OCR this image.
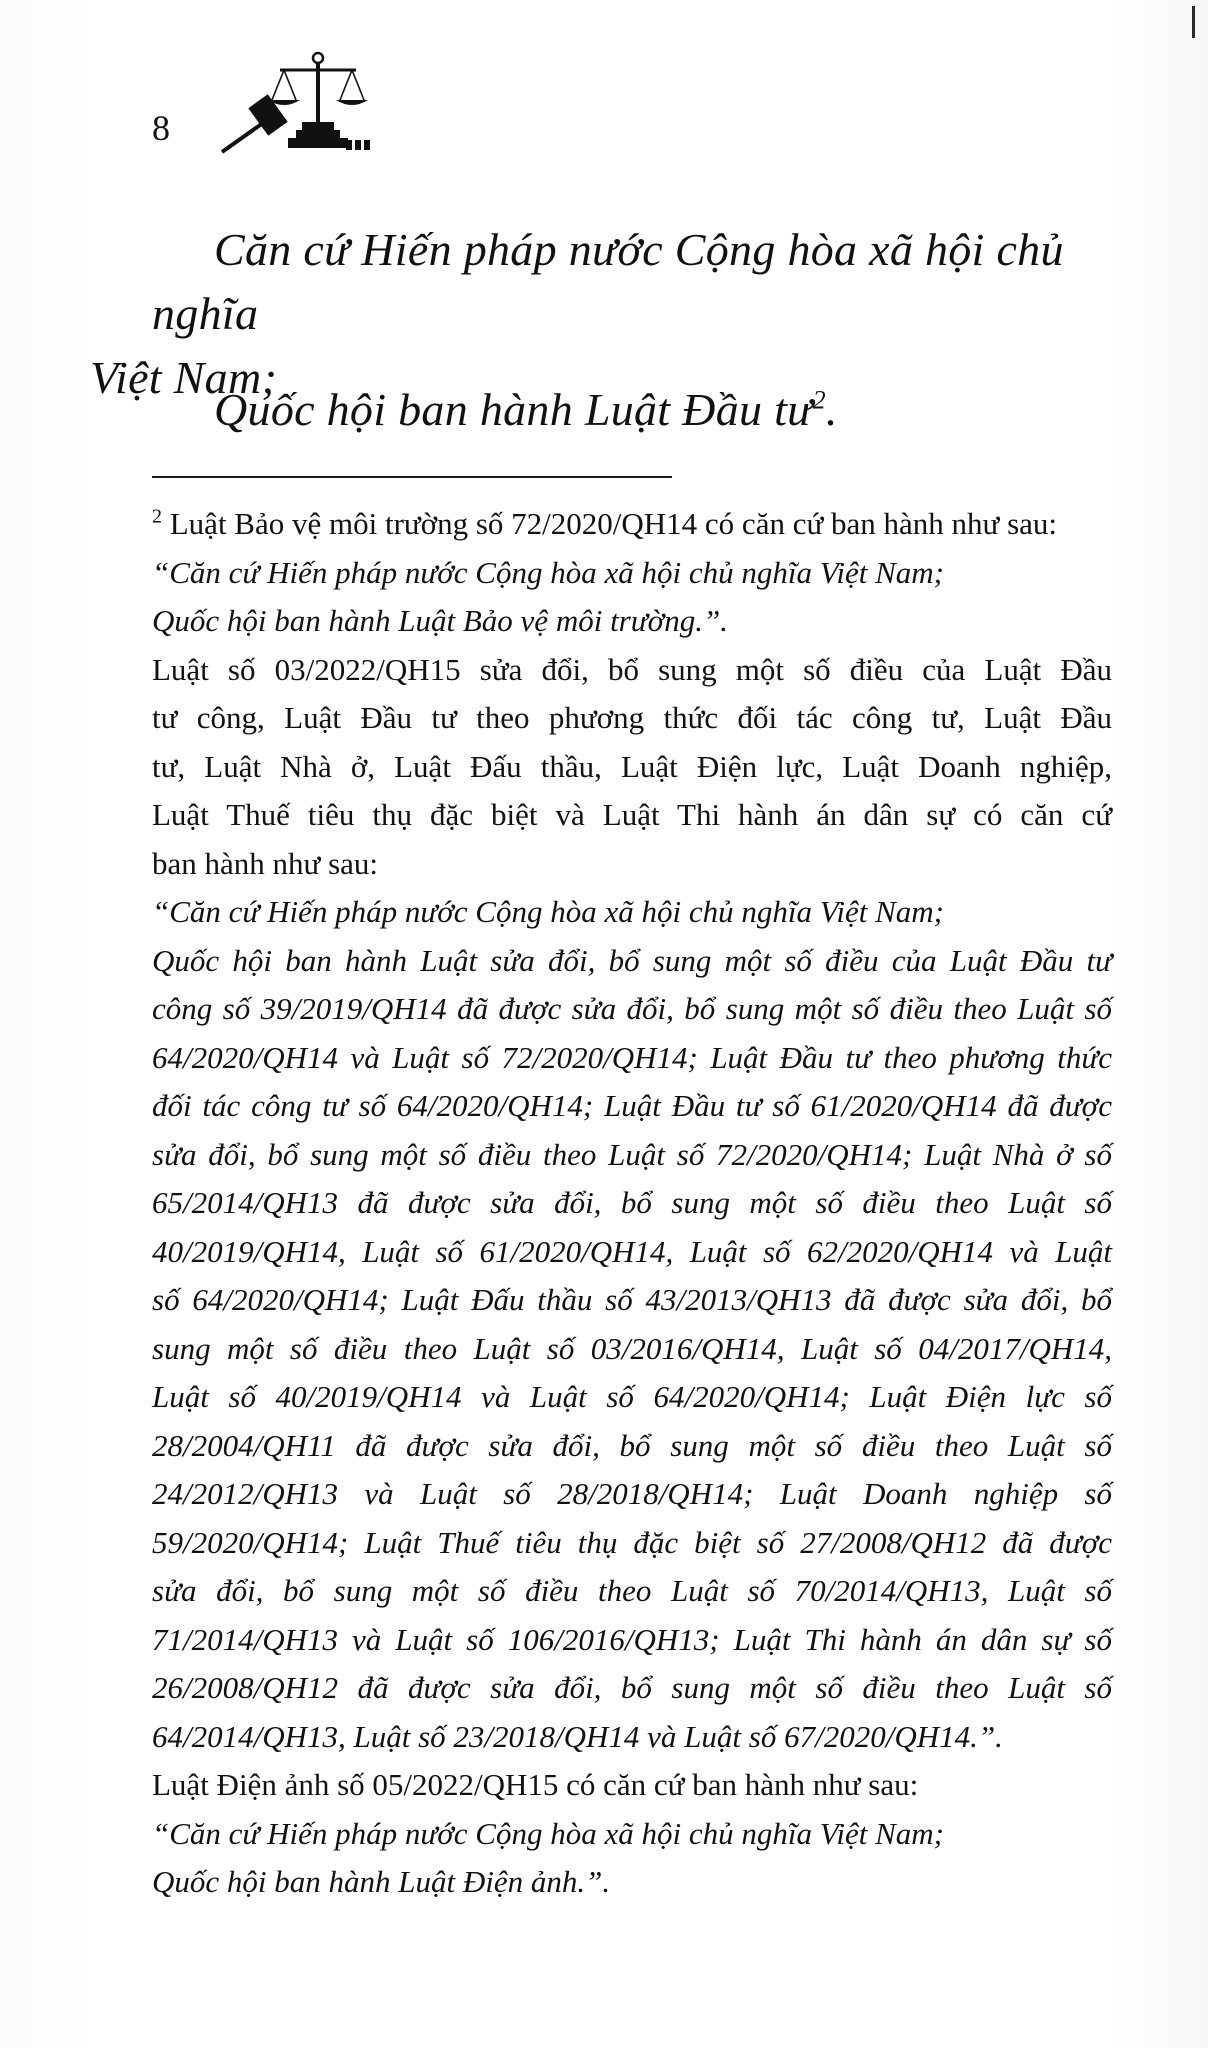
8
Căn cứ Hiến pháp nước Cộng hòa xã hội chủ nghĩa
Việt Nam;
Quốc hội ban hành Luật Đầu $tư^2$.
$^2$ Luật Bảo vệ môi trường số 72/2020/QH14 có căn cứ ban hành như sau:
“Căn cứ Hiến pháp nước Cộng hòa xã hội chủ nghĩa Việt Nam;
Quốc hội ban hành Luật Bảo vệ môi trường.”.
Luật số 03/2022/QH15 sửa đổi, bổ sung một số điều của Luật Đầu
tư công, Luật Đầu tư theo phương thức đối tác công tư, Luật Đầu
tư, Luật Nhà ở, Luật Đấu thầu, Luật Điện lực, Luật Doanh nghiệp,
Luật Thuế tiêu thụ đặc biệt và Luật Thi hành án dân sự có căn cứ
ban hành như sau:
“Căn cứ Hiến pháp nước Cộng hòa xã hội chủ nghĩa Việt Nam;
Quốc hội ban hành Luật sửa đổi, bổ sung một số điều của Luật Đầu tư
công số 39/2019/QH14 đã được sửa đổi, bổ sung một số điều theo Luật số
64/2020/QH14 và Luật số 72/2020/QH14; Luật Đầu tư theo phương thức
đối tác công tư số 64/2020/QH14; Luật Đầu tư số 61/2020/QH14 đã được
sửa đổi, bổ sung một số điều theo Luật số 72/2020/QH14; Luật Nhà ở số
65/2014/QH13 đã được sửa đổi, bổ sung một số điều theo Luật số
40/2019/QH14, Luật số 61/2020/QH14, Luật số 62/2020/QH14 và Luật
số 64/2020/QH14; Luật Đấu thầu số 43/2013/QH13 đã được sửa đổi, bổ
sung một số điều theo Luật số 03/2016/QH14, Luật số 04/2017/QH14,
Luật số 40/2019/QH14 và Luật số 64/2020/QH14; Luật Điện lực số
28/2004/QH11 đã được sửa đổi, bổ sung một số điều theo Luật số
24/2012/QH13 và Luật số 28/2018/QH14; Luật Doanh nghiệp số
59/2020/QH14; Luật Thuế tiêu thụ đặc biệt số 27/2008/QH12 đã được
sửa đổi, bổ sung một số điều theo Luật số 70/2014/QH13, Luật số
71/2014/QH13 và Luật số 106/2016/QH13; Luật Thi hành án dân sự số
26/2008/QH12 đã được sửa đổi, bổ sung một số điều theo Luật số
64/2014/QH13, Luật số 23/2018/QH14 và Luật số 67/2020/QH14.”.
Luật Điện ảnh số 05/2022/QH15 có căn cứ ban hành như sau:
“Căn cứ Hiến pháp nước Cộng hòa xã hội chủ nghĩa Việt Nam;
Quốc hội ban hành Luật Điện ảnh.”.
